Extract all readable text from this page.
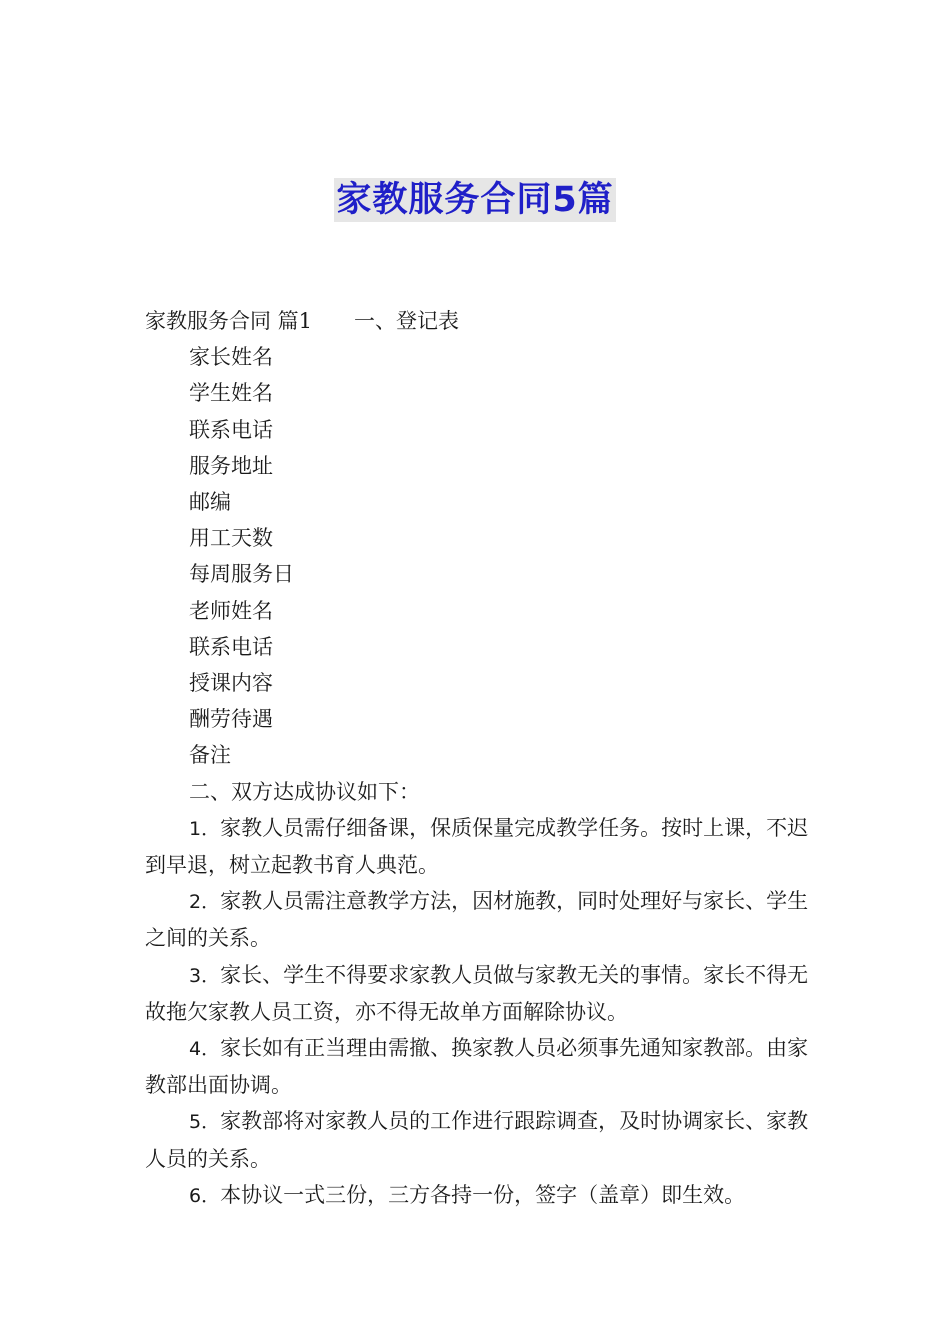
家教服务合同5篇
家教服务合同 篇1 一、登记表
家长姓名
学生姓名
联系电话
服务地址
邮编
用工天数
每周服务日
老师姓名
联系电话
授课内容
酬劳待遇
备注
二、双方达成协议如下：

1．家教人员需仔细备课，保质保量完成教学任务。按时上课，不迟到早退，树立起教书育人典范。

2．家教人员需注意教学方法，因材施教，同时处理好与家长、学生之间的关系。

3．家长、学生不得要求家教人员做与家教无关的事情。家长不得无故拖欠家教人员工资，亦不得无故单方面解除协议。

4．家长如有正当理由需撤、换家教人员必须事先通知家教部。由家教部出面协调。

5．家教部将对家教人员的工作进行跟踪调查，及时协调家长、家教人员的关系。

6．本协议一式三份，三方各持一份，签字（盖章）即生效。
